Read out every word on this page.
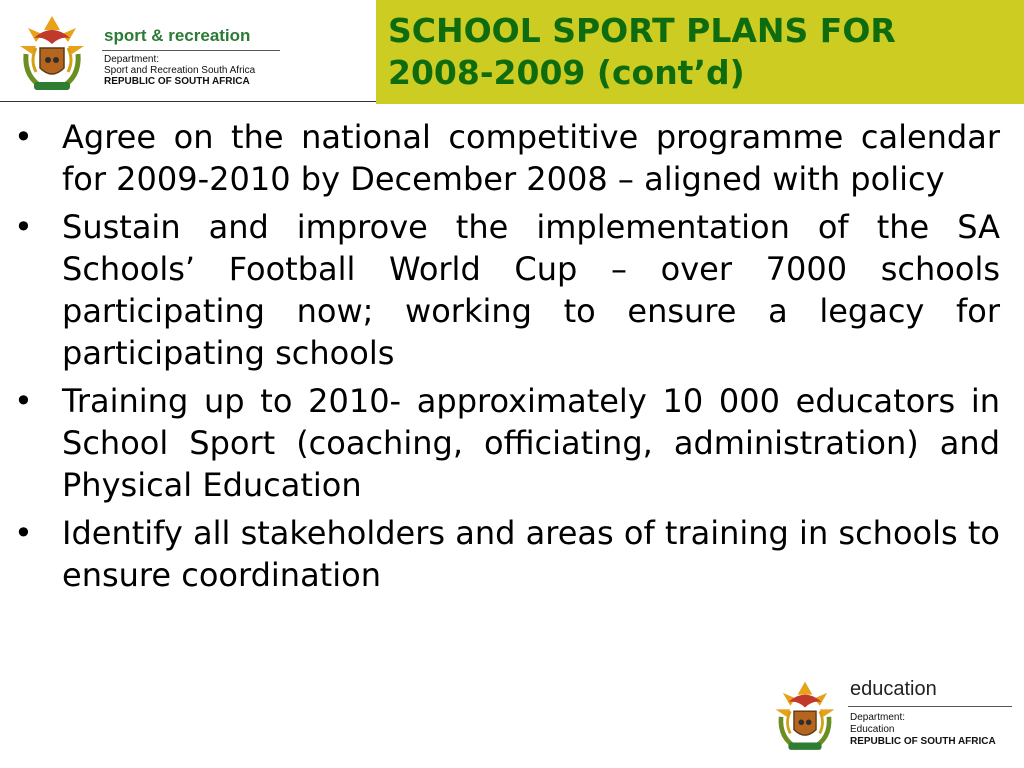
sport & recreation
Department:
Sport and Recreation South Africa
REPUBLIC OF SOUTH AFRICA
SCHOOL SPORT PLANS FOR
2008-2009 (cont’d)
• Agree on the national competitive programme calendar for 2009-2010 by December 2008 – aligned with policy
• Sustain and improve the implementation of the SA Schools’ Football World Cup – over 7000 schools participating now; working to ensure a legacy for participating schools
• Training up to 2010- approximately 10 000 educators in School Sport (coaching, officiating, administration) and Physical Education
• Identify all stakeholders and areas of training in schools to ensure coordination
education
Department:
Education
REPUBLIC OF SOUTH AFRICA
